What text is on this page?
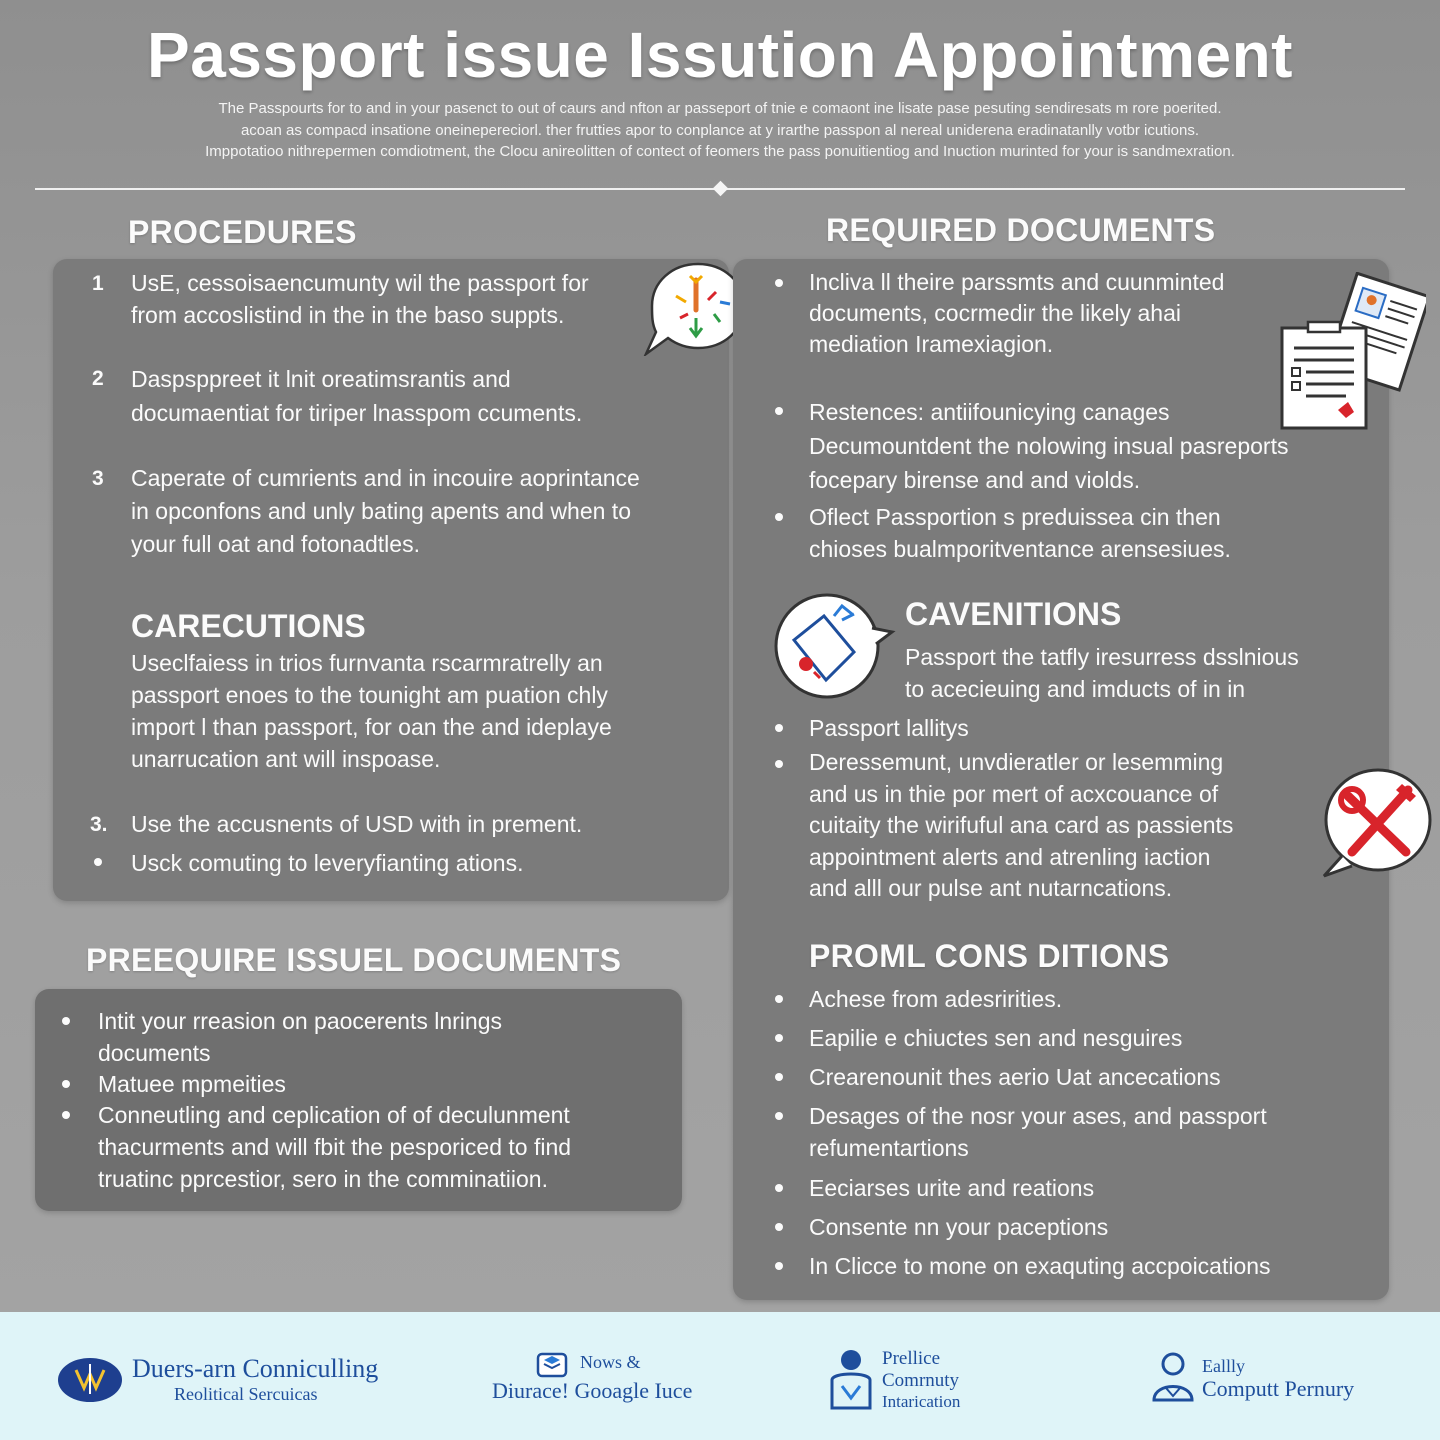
Passport issue Issution Appointment
The Passpourts for to and in your pasenct to out of caurs and nfton ar passeport of tnie e comaont ine lisate pase pesuting sendiresats m rore poerited.
acoan as compacd insatione oneinepereciorl. ther frutties apor to conplance at y irarthe passpon al nereal uniderena eradinatanlly votbr icutions.
Imppotatioo nithrepermen comdiotment, the Clocu anireolitten of contect of feomers the pass ponuitientiog and Inuction murinted for your is sandmexration.
PROCEDURES
1 UsE, cessoisaencumunty wil the passport for
from accoslistind in the in the baso suppts.
2 Daspsppreet it lnit oreatimsrantis and
documaentiat for tiriper lnasspom ccuments.
3 Caperate of cumrients and in incouire aoprintance
in opconfons and unly bating apents and when to
your full oat and fotonadtles.
CARECUTIONS
Useclfaiess in trios furnvanta rscarmratrelly an
passport enoes to the tounight am puation chly
import l than passport, for oan the and ideplaye
unarrucation ant will inspoase.
3. Use the accusnents of USD with in prement.
Usck comuting to leveryfianting ations.
PREEQUIRE ISSUEL DOCUMENTS
Intit your rreasion on paocerents lnrings
documents
Matuee mpmeities
Conneutling and ceplication of of deculunment
thacurments and will fbit the pesporiced to find
truatinc pprcestior, sero in the comminatiion.
REQUIRED DOCUMENTS
Incliva ll theire parssmts and cuunminted
documents, cocrmedir the likely ahai
mediation Iramexiagion.
Restences: antiifounicying canages
Decumountdent the nolowing insual pasreports
focepary birense and and violds.
Oflect Passportion s preduissea cin then
chioses bualmporitventance arensesiues.
CAVENITIONS
Passport the tatfly iresurress dsslnious
to acecieuing and imducts of in in
Passport lallitys
Deressemunt, unvdieratler or lesemming
and us in thie por mert of acxcouance of
cuitaity the wirifuful ana card as passients
appointment alerts and atrenling iaction
and alll our pulse ant nutarncations.
PROML CONS DITIONS
Achese from adesririties.
Eapilie e chiuctes sen and nesguires
Crearenounit thes aerio Uat ancecations
Desages of the nosr your ases, and passport
refumentartions
Eeciarses urite and reations
Consente nn your paceptions
In Clicce to mone on exaquting accpoications
Duers-arn Conniculling
Reolitical Sercuicas
Nows &
Diurace! Gooagle Iuce
Prellice
Comrnuty
Intarication
Eallly
Computt Pernury
